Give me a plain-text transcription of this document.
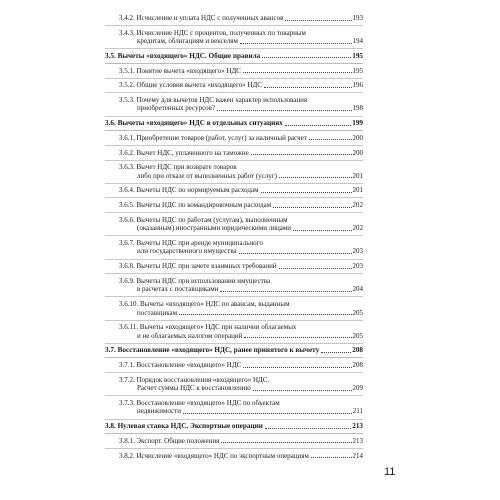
3.4.2. Исчисление и уплата НДС с полученных авансов	193
3.4.3. Исчисление НДС с процентов, полученных по товарным
кредитам, облигациям и векселям	194
3.5. Вычеты «входящего» НДС. Общие правила	195
3.5.1. Понятие вычета «входящего» НДС	195
3.5.2. Общие условия вычета «входящего» НДС	196
3.5.3. Почему для вычетов НДС важен характер использования
приобретенных ресурсов?	198
3.6. Вычеты «входящего» НДС в отдельных ситуациях	199
3.6.1. Приобретение товаров (работ, услуг) за наличный расчет	200
3.6.2. Вычет НДС, уплаченного на таможне	200
3.6.3. Вычет НДС при возврате товаров
либо при отказе от выполненных работ (услуг)	201
3.6.4. Вычеты НДС по нормируемым расходам	201
3.6.5. Вычеты НДС по командировочным расходам	202
3.6.6. Вычеты НДС по работам (услугам), выполненным
(оказанным) иностранными юридическими лицами	202
3.6.7. Вычеты НДС при аренде муниципального
или государственного имущества	203
3.6.8. Вычеты НДС при зачете взаимных требований	203
3.6.9. Вычеты НДС при использовании имущества
в расчетах с поставщиками	204
3.6.10. Вычеты «входящего» НДС по авансам, выданным
поставщикам	205
3.6.11. Вычеты «входящего» НДС при наличии облагаемых
и не облагаемых налогом операций	205
3.7. Восстановление «входящего» НДС, ранее принятого к вычету	208
3.7.1. Восстановление «входящего» НДС	208
3.7.2. Порядок восстановления «входящего» НДС.
Расчет суммы НДС к восстановлению	209
3.7.3. Восстановление «входящего» НДС по объектам
недвижимости	211
3.8. Нулевая ставка НДС. Экспортные операции	213
3.8.1. Экспорт. Общие положения	213
3.8.2. Исчисление «входящего» НДС по экспортным операциям	214
11
